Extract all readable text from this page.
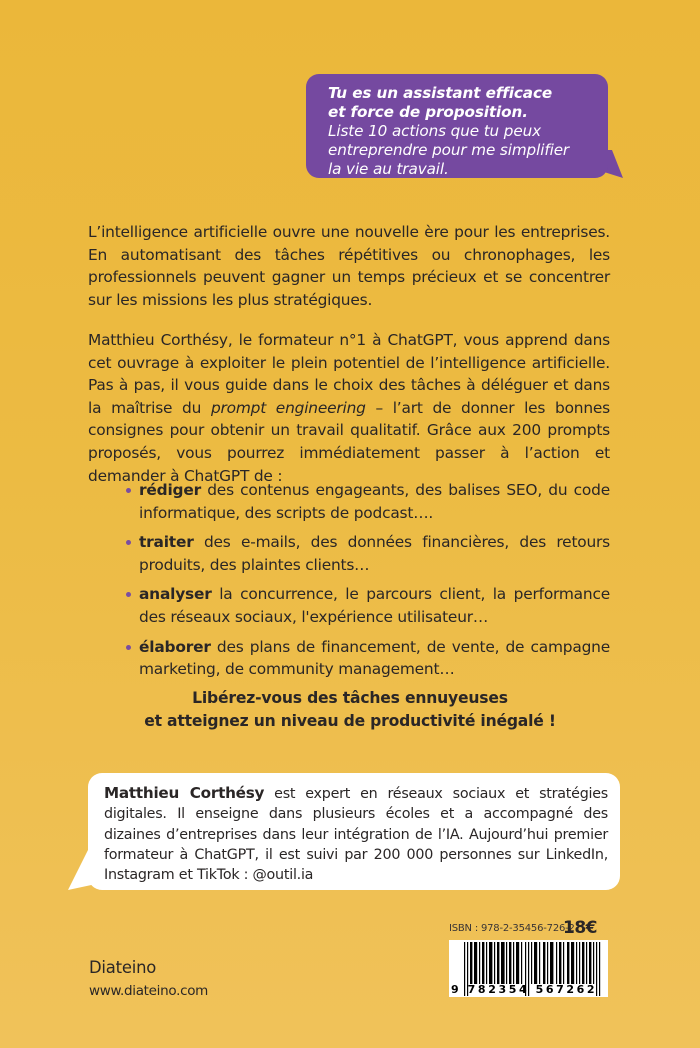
Tu es un assistant efficace
et force de proposition.
Liste 10 actions que tu peux
entreprendre pour me simplifier
la vie au travail.

L’intelligence artificielle ouvre une nouvelle ère pour les entreprises. En automatisant des tâches répétitives ou chronophages, les professionnels peuvent gagner un temps précieux et se concentrer sur les missions les plus stratégiques.

Matthieu Corthésy, le formateur n°1 à ChatGPT, vous apprend dans cet ouvrage à exploiter le plein potentiel de l’intelligence artificielle. Pas à pas, il vous guide dans le choix des tâches à déléguer et dans la maîtrise du prompt engineering – l’art de donner les bonnes consignes pour obtenir un travail qualitatif. Grâce aux 200 prompts proposés, vous pourrez immédiatement passer à l’action et demander à ChatGPT de :

rédiger des contenus engageants, des balises SEO, du code informatique, des scripts de podcast….
traiter des e-mails, des données financières, des retours produits, des plaintes clients…
analyser la concurrence, le parcours client, la performance des réseaux sociaux, l'expérience utilisateur…
élaborer des plans de financement, de vente, de campagne marketing, de community management…
Libérez-vous des tâches ennuyeuses
et atteignez un niveau de productivité inégalé !
Matthieu Corthésy est expert en réseaux sociaux et stratégies digitales. Il enseigne dans plusieurs écoles et a accompagné des dizaines d’entreprises dans leur intégration de l’IA. Aujourd’hui premier formateur à ChatGPT, il est suivi par 200 000 personnes sur LinkedIn, Instagram et TikTok : @outil.ia
ISBN : 978-2-35456-726-2
18€
9 782354 567262
Diateino
www.diateino.com
